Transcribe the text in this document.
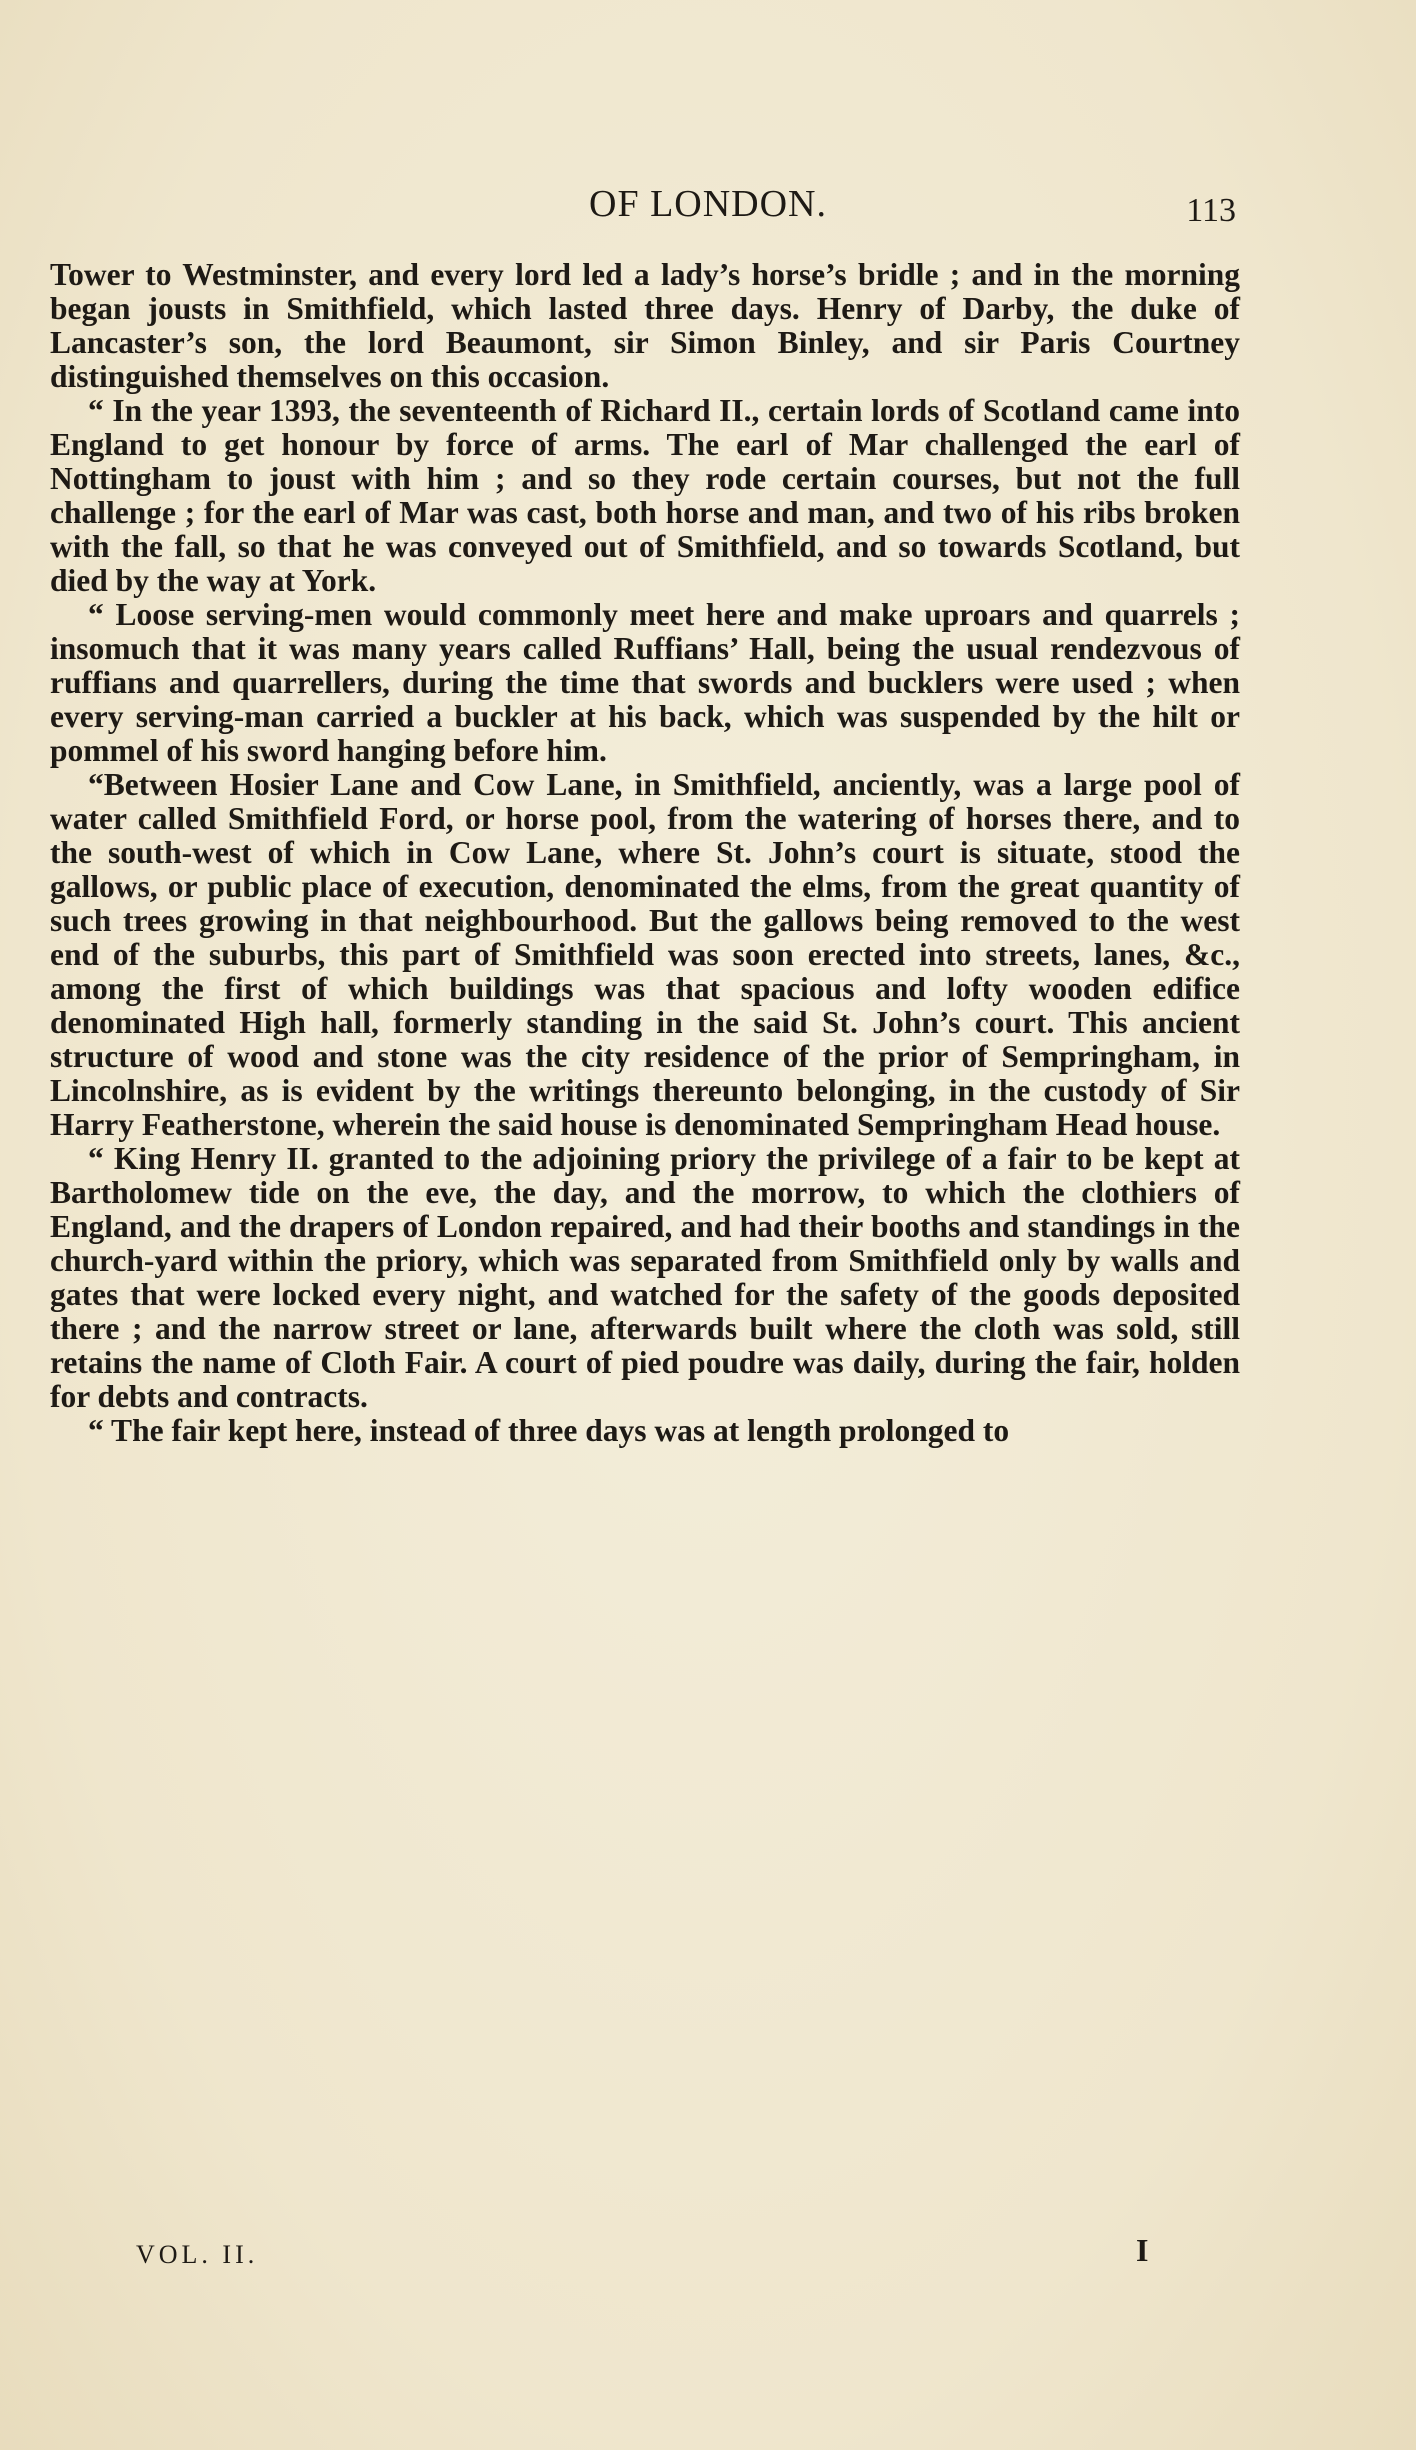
OF LONDON.	113

Tower to Westminster, and every lord led a lady’s horse’s bridle ; and in the morning began jousts in Smithfield, which lasted three days. Henry of Darby, the duke of Lancaster’s son, the lord Beaumont, sir Simon Binley, and sir Paris Courtney distinguished themselves on this occasion.

“ In the year 1393, the seventeenth of Richard II., certain lords of Scotland came into England to get honour by force of arms. The earl of Mar challenged the earl of Nottingham to joust with him ; and so they rode certain courses, but not the full challenge ; for the earl of Mar was cast, both horse and man, and two of his ribs broken with the fall, so that he was conveyed out of Smithfield, and so towards Scotland, but died by the way at York.

“ Loose serving-men would commonly meet here and make uproars and quarrels ; insomuch that it was many years called Ruffians’ Hall, being the usual rendezvous of ruffians and quarrellers, during the time that swords and bucklers were used ; when every serving-man carried a buckler at his back, which was suspended by the hilt or pommel of his sword hanging before him.

“Between Hosier Lane and Cow Lane, in Smithfield, anciently, was a large pool of water called Smithfield Ford, or horse pool, from the watering of horses there, and to the south-west of which in Cow Lane, where St. John’s court is situate, stood the gallows, or public place of execution, denominated the elms, from the great quantity of such trees growing in that neighbourhood. But the gallows being removed to the west end of the suburbs, this part of Smithfield was soon erected into streets, lanes, &c., among the first of which buildings was that spacious and lofty wooden edifice denominated High hall, formerly standing in the said St. John’s court. This ancient structure of wood and stone was the city residence of the prior of Sempringham, in Lincolnshire, as is evident by the writings thereunto belonging, in the custody of Sir Harry Featherstone, wherein the said house is denominated Sempringham Head house.

“ King Henry II. granted to the adjoining priory the privilege of a fair to be kept at Bartholomew tide on the eve, the day, and the morrow, to which the clothiers of England, and the drapers of London repaired, and had their booths and standings in the church-yard within the priory, which was separated from Smithfield only by walls and gates that were locked every night, and watched for the safety of the goods deposited there ; and the narrow street or lane, afterwards built where the cloth was sold, still retains the name of Cloth Fair. A court of pied poudre was daily, during the fair, holden for debts and contracts.

“ The fair kept here, instead of three days was at length prolonged to

VOL. II.	I
